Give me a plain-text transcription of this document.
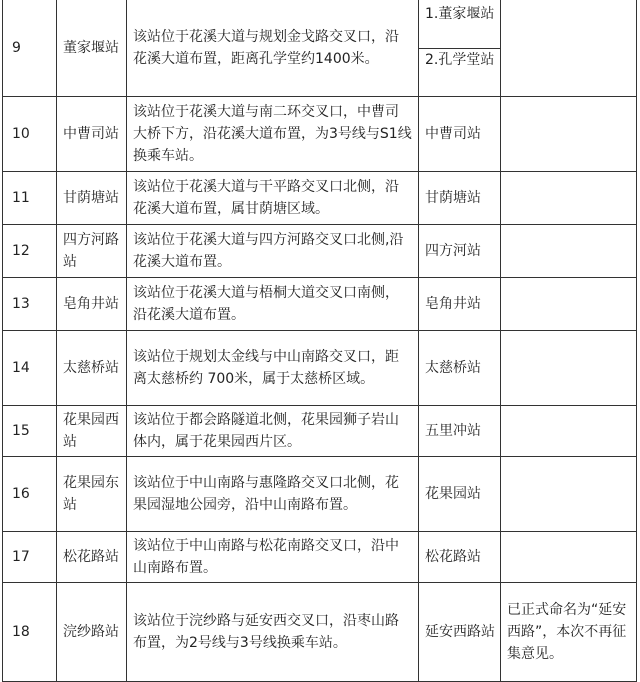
9	董家堰站	该站位于花溪大道与规划金戈路交叉口，沿花溪大道布置，距离孔学堂约1400米。	1.董家堰站
2.孔学堂站	

10	中曹司站	该站位于花溪大道与南二环交叉口，中曹司大桥下方，沿花溪大道布置，为3号线与S1线换乘车站。	中曹司站	
11	甘荫塘站	该站位于花溪大道与干平路交叉口北侧，沿花溪大道布置，属甘荫塘区域。	甘荫塘站	
12	四方河路站	该站位于花溪大道与四方河路交叉口北侧,沿花溪大道布置。	四方河站	
13	皂角井站	该站位于花溪大道与梧桐大道交叉口南侧，沿花溪大道布置。	皂角井站	
14	太慈桥站	该站位于规划太金线与中山南路交叉口，距离太慈桥约 700米，属于太慈桥区域。	太慈桥站	
15	花果园西站	该站位于都会路隧道北侧，花果园狮子岩山体内，属于花果园西片区。	五里冲站	
16	花果园东站	该站位于中山南路与惠隆路交叉口北侧，花果园湿地公园旁，沿中山南路布置。	花果园站	
17	松花路站	该站位于中山南路与松花南路交叉口，沿中山南路布置。	松花路站	
18	浣纱路站	该站位于浣纱路与延安西交叉口，沿枣山路布置，为2号线与3号线换乘车站。	延安西路站	已正式命名为“延安西路”，本次不再征集意见。
